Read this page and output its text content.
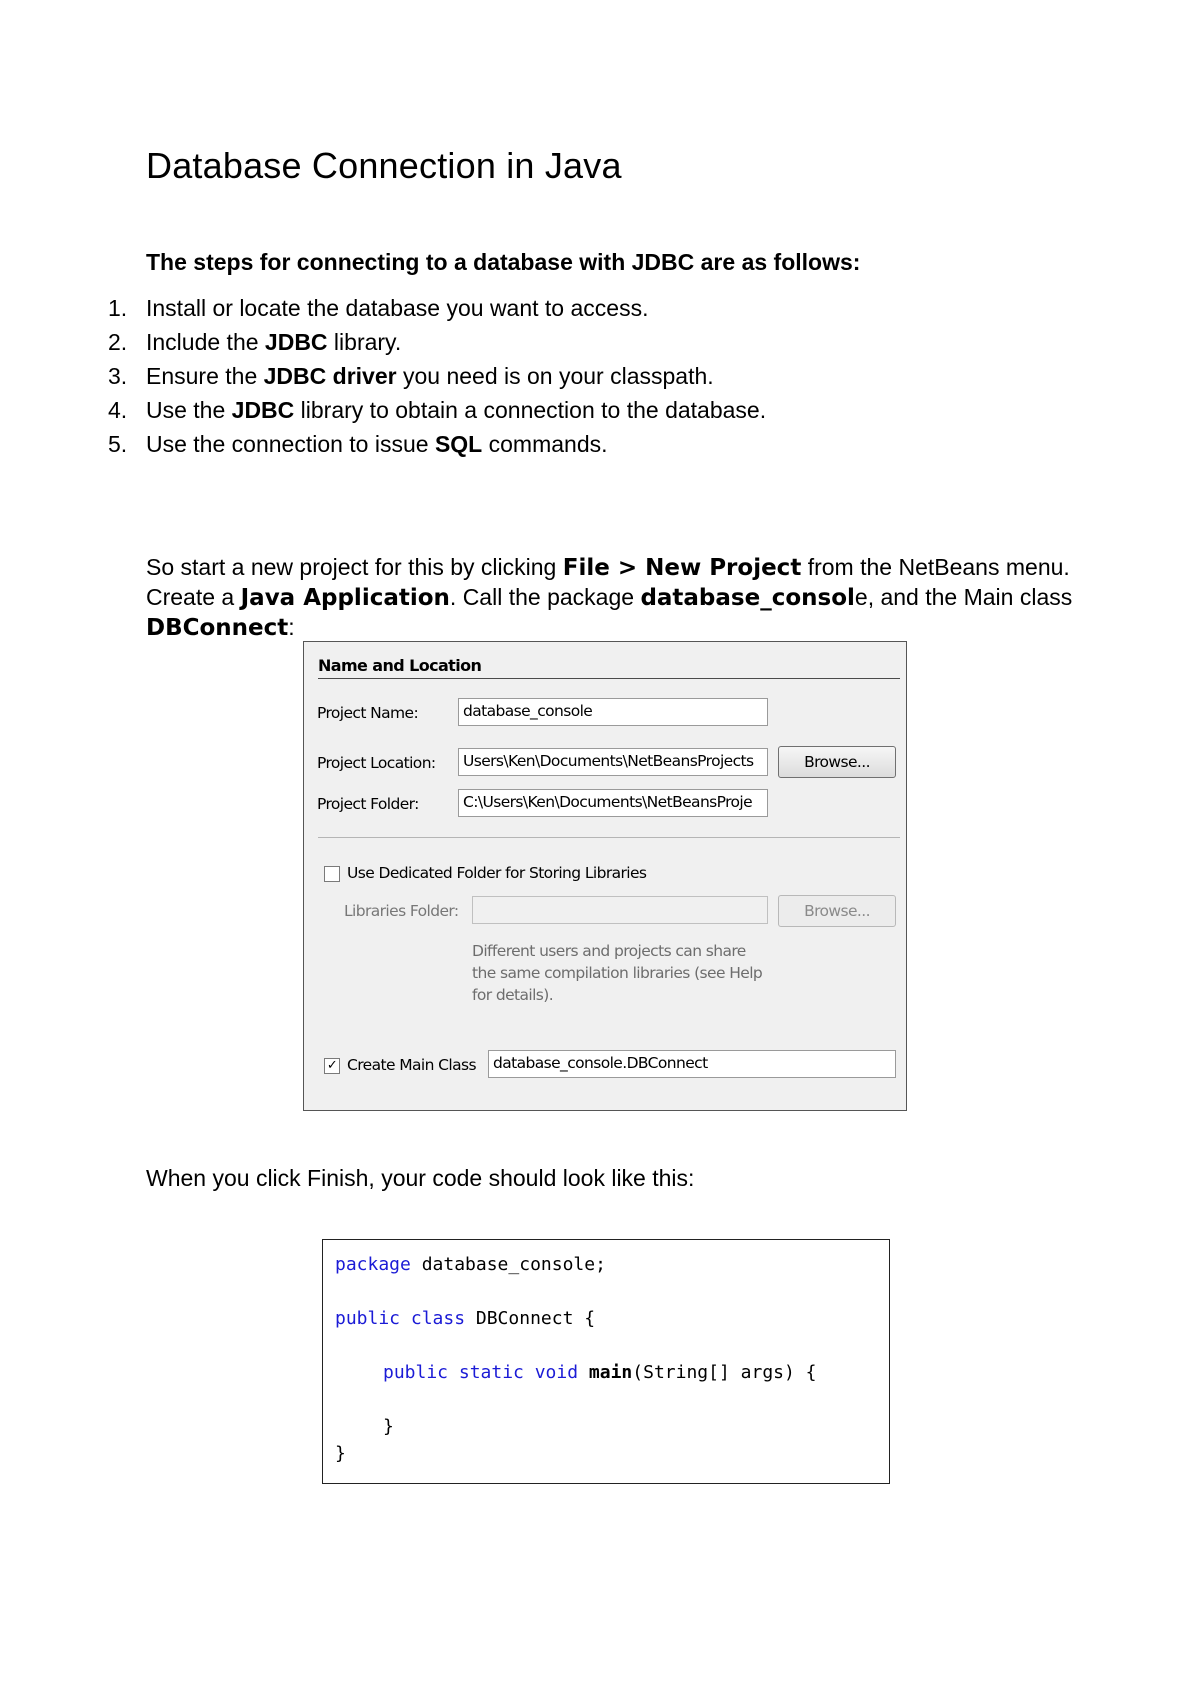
Database Connection in Java

The steps for connecting to a database with JDBC are as follows:

1. Install or locate the database you want to access.
2. Include the JDBC library.
3. Ensure the JDBC driver you need is on your classpath.
4. Use the JDBC library to obtain a connection to the database.
5. Use the connection to issue SQL commands.

So start a new project for this by clicking File > New Project from the NetBeans menu. Create a Java Application. Call the package database_console, and the Main class DBConnect:

Name and Location
Project Name:	database_console
Project Location:	Users\Ken\Documents\NetBeansProjects	Browse...
Project Folder:	C:\Users\Ken\Documents\NetBeansProje
Use Dedicated Folder for Storing Libraries
Libraries Folder:	Browse...
Different users and projects can share the same compilation libraries (see Help for details).
✓ Create Main Class	database_console.DBConnect

When you click Finish, your code should look like this:

package database_console;
public class DBConnect {
public static void main(String[] args) {
}
}
